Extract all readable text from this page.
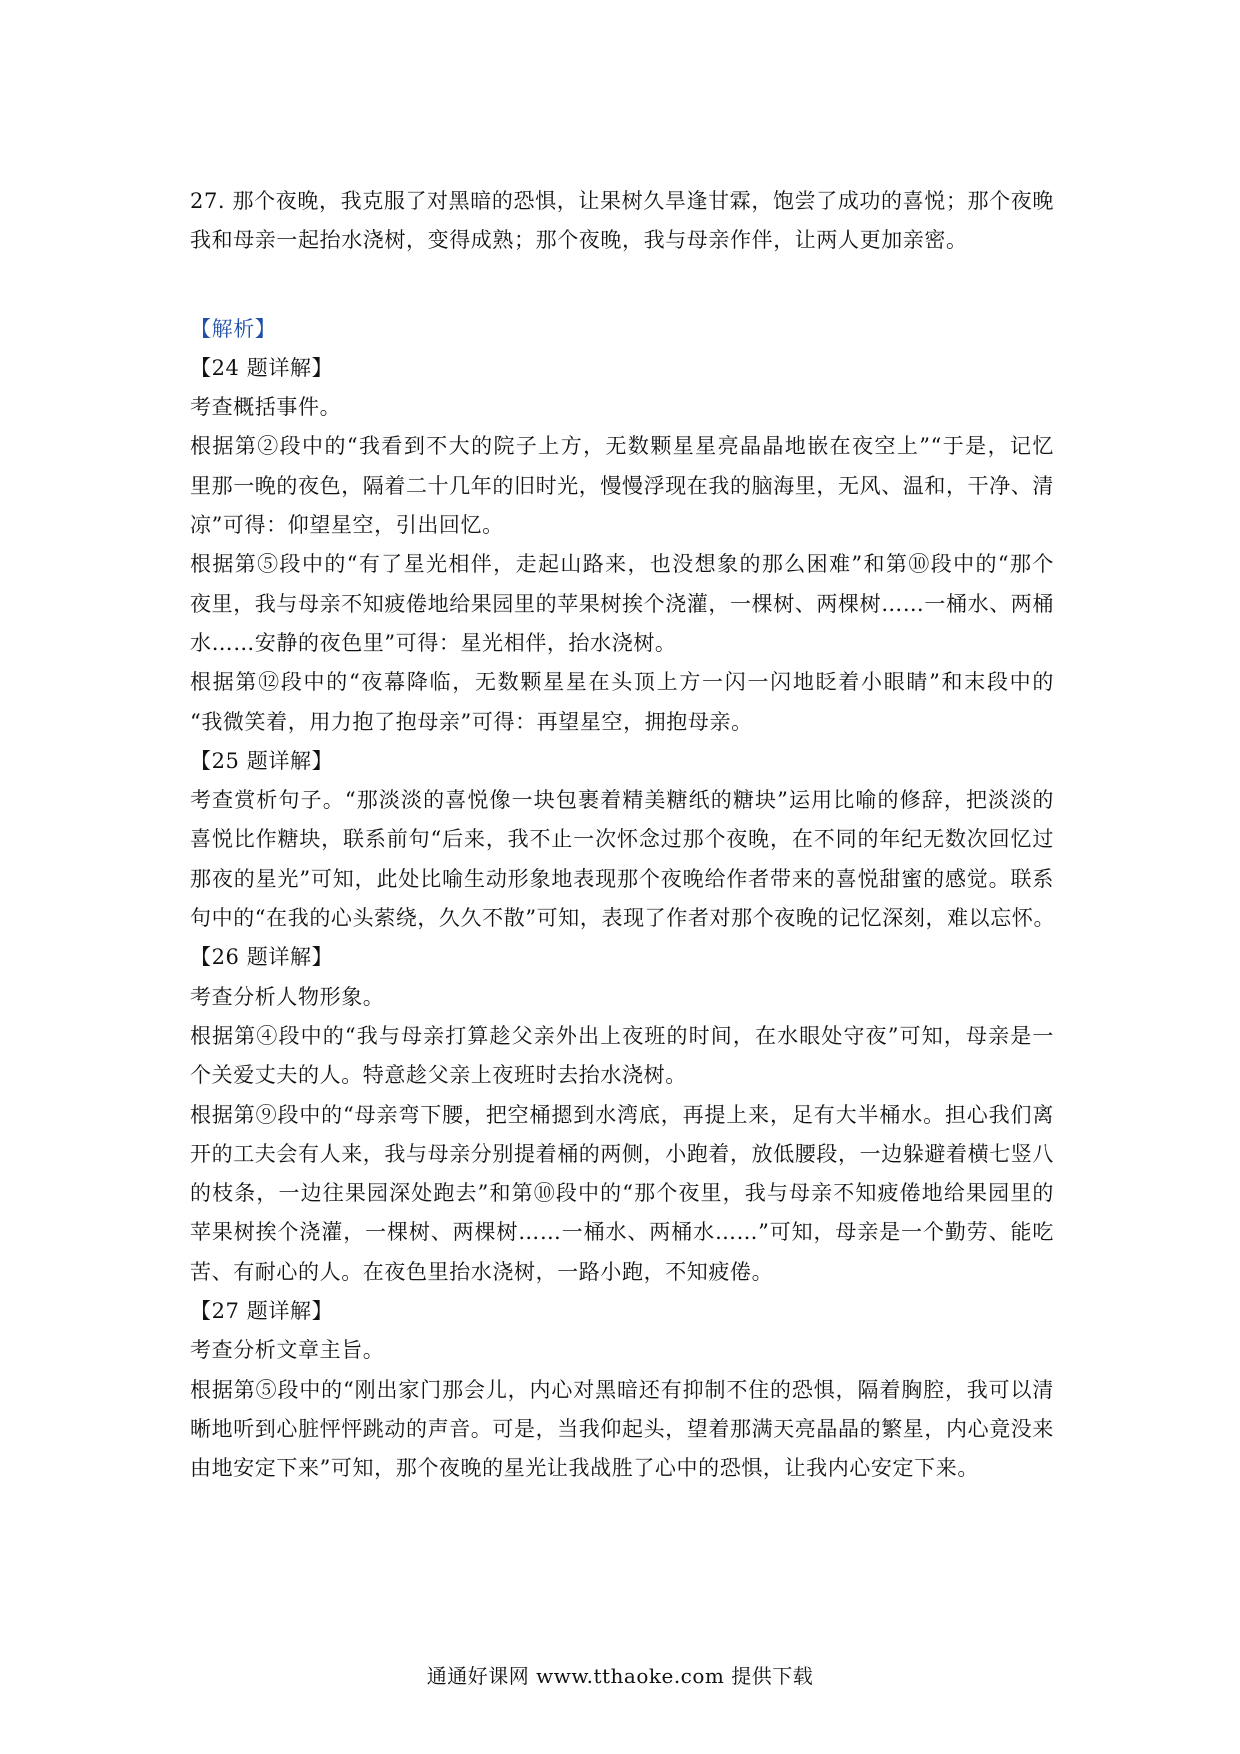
27. 那个夜晚，我克服了对黑暗的恐惧，让果树久旱逢甘霖，饱尝了成功的喜悦；那个夜晚
我和母亲一起抬水浇树，变得成熟；那个夜晚，我与母亲作伴，让两人更加亲密。
【解析】
【24 题详解】
考查概括事件。
根据第②段中的“我看到不大的院子上方，无数颗星星亮晶晶地嵌在夜空上”“于是，记忆
里那一晚的夜色，隔着二十几年的旧时光，慢慢浮现在我的脑海里，无风、温和，干净、清
凉”可得：仰望星空，引出回忆。
根据第⑤段中的“有了星光相伴，走起山路来，也没想象的那么困难”和第⑩段中的“那个
夜里，我与母亲不知疲倦地给果园里的苹果树挨个浇灌，一棵树、两棵树……一桶水、两桶
水……安静的夜色里”可得：星光相伴，抬水浇树。
根据第⑫段中的“夜幕降临，无数颗星星在头顶上方一闪一闪地眨着小眼睛”和末段中的
“我微笑着，用力抱了抱母亲”可得：再望星空，拥抱母亲。
【25 题详解】
考查赏析句子。“那淡淡的喜悦像一块包裹着精美糖纸的糖块”运用比喻的修辞，把淡淡的
喜悦比作糖块，联系前句“后来，我不止一次怀念过那个夜晚，在不同的年纪无数次回忆过
那夜的星光”可知，此处比喻生动形象地表现那个夜晚给作者带来的喜悦甜蜜的感觉。联系
句中的“在我的心头萦绕，久久不散”可知，表现了作者对那个夜晚的记忆深刻，难以忘怀。
【26 题详解】
考查分析人物形象。
根据第④段中的“我与母亲打算趁父亲外出上夜班的时间，在水眼处守夜”可知，母亲是一
个关爱丈夫的人。特意趁父亲上夜班时去抬水浇树。
根据第⑨段中的“母亲弯下腰，把空桶摁到水湾底，再提上来，足有大半桶水。担心我们离
开的工夫会有人来，我与母亲分别提着桶的两侧，小跑着，放低腰段，一边躲避着横七竖八
的枝条，一边往果园深处跑去”和第⑩段中的“那个夜里，我与母亲不知疲倦地给果园里的
苹果树挨个浇灌，一棵树、两棵树……一桶水、两桶水……”可知，母亲是一个勤劳、能吃
苦、有耐心的人。在夜色里抬水浇树，一路小跑，不知疲倦。
【27 题详解】
考查分析文章主旨。
根据第⑤段中的“刚出家门那会儿，内心对黑暗还有抑制不住的恐惧，隔着胸腔，我可以清
晰地听到心脏怦怦跳动的声音。可是，当我仰起头，望着那满天亮晶晶的繁星，内心竟没来
由地安定下来”可知，那个夜晚的星光让我战胜了心中的恐惧，让我内心安定下来。
通通好课网 www.tthaoke.com 提供下载
